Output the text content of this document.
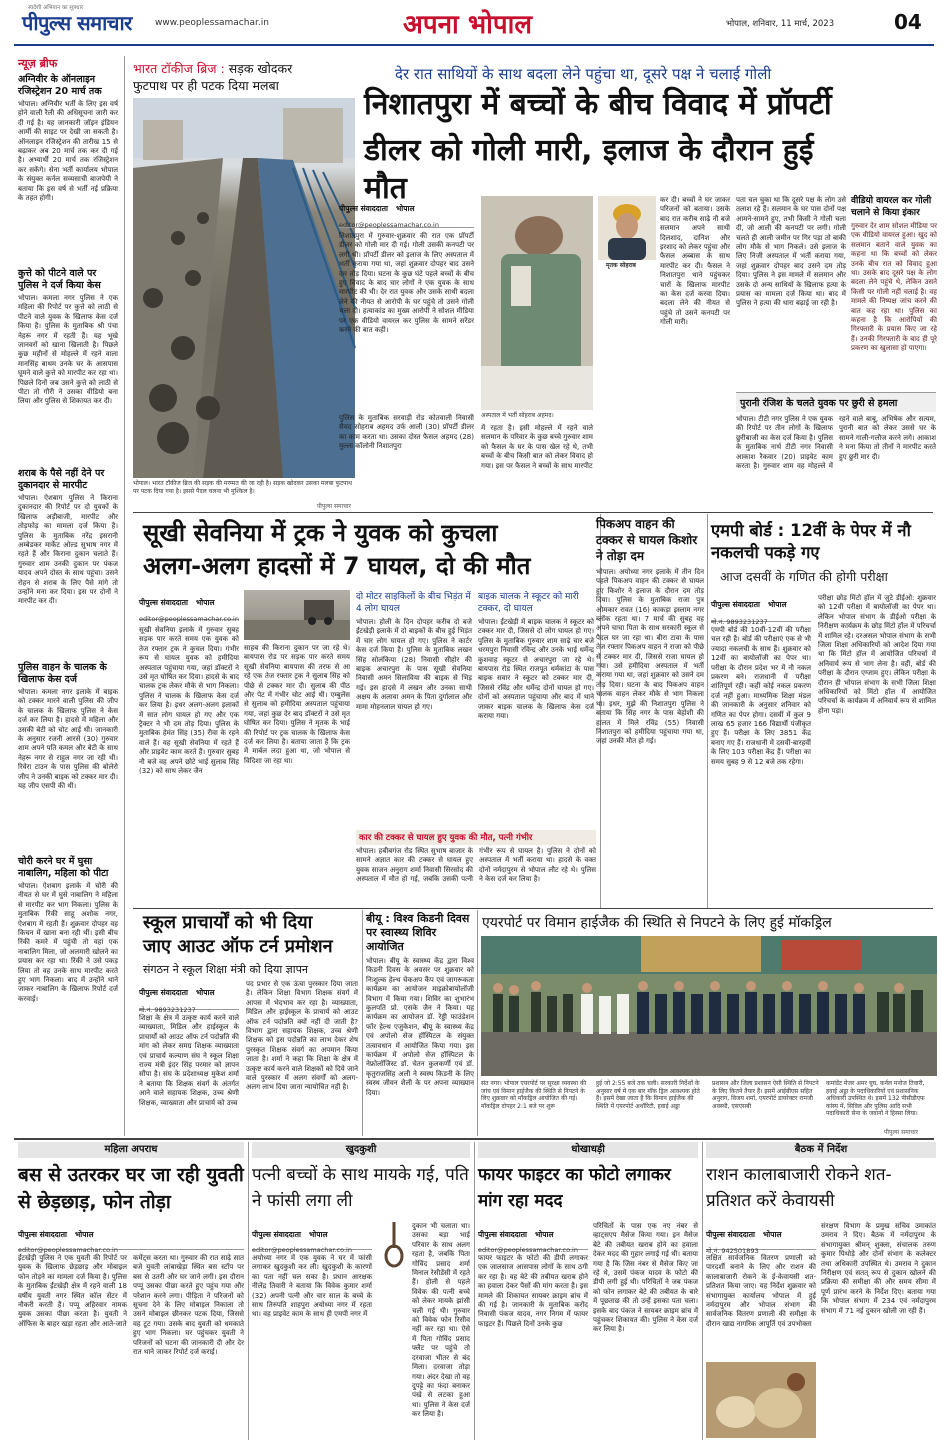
स्वदेशी अभियान का सूत्रधार
पीपुल्स समाचार	www.peoplessamachar.in	अपना भोपाल	भोपाल, शनिवार, 11 मार्च, 2023	04
न्यूज़ ब्रीफ
अग्निवीर के ऑनलाइन रजिस्ट्रेशन 20 मार्च तक
भोपाल। अग्निवीर भर्ती के लिए इस वर्ष होने वाली रैली की अधिसूचना जारी कर दी गई है। यह जानकारी जॉइन इंडियन आर्मी की साइट पर देखी जा सकती है। ऑनलाइन रजिस्ट्रेशन की तारीख 15 से बढ़ाकर अब 20 मार्च तक कर दी गई है। अभ्यार्थी 20 मार्च तक रजिस्ट्रेशन कर सकेंगे। सेना भर्ती कार्यालय भोपाल के संयुक्त कर्नल सव्यसाची बाजपेयी ने बताया कि इस वर्ष से भर्ती नई प्रक्रिया के तहत होगी।
कुत्ते को पीटने वाले पर पुलिस ने दर्ज किया केस
भोपाल। कमला नगर पुलिस ने एक महिला की रिपोर्ट पर कुत्ते को लाठी से पीटने वाले युवक के खिलाफ केस दर्ज किया है। पुलिस के मुताबिक श्री पंचा नेहरू नगर में रहती हैं। यह भूखे जानवरों को खाना खिलाती है। पिछले कुछ महीनों से मोहल्ले में रहने वाला मानसिंह बाथम उनके घर के आसपास घूमने वाले कुत्ते को मारपीट कर रहा था। पिछले दिनों जब उसने कुत्ते को लाठी से पीटा तो गौरी ने उसका वीडियो बना लिया और पुलिस से शिकायत कर दी।
शराब के पैसे नहीं देने पर दुकानदार से मारपीट
भोपाल। ऐशबाग पुलिस ने किराना दुकानदार की रिपोर्ट पर दो युवकों के खिलाफ अड़ीबाजी, मारपीट और तोड़फोड़ का मामला दर्ज किया है। पुलिस के मुताबिक नरेंद्र इसरानी अम्बेडकर मार्केट ओल्ड सुभाष नगर में रहते हैं और किराना दुकान चलाते हैं। गुरुवार शाम उनकी दुकान पर पंकज यादव अपने दोस्त के साथ पहुंचा। उसने रोहन से शराब के लिए पैसे मांगे तो उन्होंने मना कर दिया। इस पर दोनों ने मारपीट कर दी।
पुलिस वाहन के चालक के खिलाफ केस दर्ज
भोपाल। कमला नगर इलाके में बाइक को टक्कर मारने वाली पुलिस की जीप के चालक के खिलाफ पुलिस ने केस दर्ज कर लिया है। हादसे में महिला और उसकी बेटी को चोट आई थी। जानकारी के अनुसार रजनी आरसे (30) गुरुवार शाम अपने पति कमल और बेटी के साथ नेहरू नगर से राहुल नगर जा रही थी। रिवेरा टाउन के पास पुलिस की बोलेरो जीप ने उनकी बाइक को टक्कर मार दी। यह जीप एसपी की थी।
चोरी करने घर में घुसा नाबालिग, महिला को पीटा
भोपाल। ऐशबाग इलाके में चोरी की नीयत से घर में घुसे नाबालिग ने महिला से मारपीट कर भाग निकला। पुलिस के मुताबिक रिंकी साहू अशोक नगर, ऐशबाग में रहती हैं। शुक्रवार दोपहर वह किचन में खाना बना रही थीं। इसी बीच रिंकी कमरे में पहुंची तो वहां एक नाबालिग मिला, जो अलमारी खोलने का प्रयास कर रहा था। रिंकी ने उसे पकड़ लिया तो वह उनके साथ मारपीट करते हुए भाग निकला। बाद में उन्होंने थाने जाकर नाबालिग के खिलाफ रिपोर्ट दर्ज करवाई।
भारत टॉकीज ब्रिज : सड़क खोदकर
फुटपाथ पर ही पटक दिया मलबा
भोपाल। भारत टॉकीज ब्रिज की सड़क की मरम्मत की जा रही है। सड़क खोदकर उसका मलबा फुटपाथ पर पटक दिया गया है। इससे पैदल चलना भी मुश्किल है।
पीपुल्स समाचार
देर रात साथियों के साथ बदला लेने पहुंचा था, दूसरे पक्ष ने चलाई गोली
निशातपुरा में बच्चों के बीच विवाद में प्रॉपर्टी
डीलर को गोली मारी, इलाज के दौरान हुई मौत
पीपुल्स संवाददाता भोपाल
editor@peoplessamachar.co.in
निशातपुरा में गुरुवार-शुक्रवार की रात एक प्रॉपर्टी डीलर को गोली मार दी गई। गोली उसकी कनपटी पर लगी थी। प्रॉपर्टी डीलर को इलाज के लिए अस्पताल में भर्ती कराया गया था, जहां शुक्रवार दोपहर बाद उसने दम तोड़ दिया। घटना के कुछ घंटे पहले बच्चों के बीच हुए विवाद के बाद चार लोगों ने एक युवक के साथ मारपीट की थी। देर रात युवक और उसके साथी बदला लेने की नीयत से आरोपी के घर पहुंचे तो उसने गोली चला दी। हत्याकांड का मुख्य आरोपी ने सोशल मीडिया पर एक वीडियो वायरल कर पुलिस के सामने सरेंडर करने की बात कही।
पुलिस के मुताबिक सरवाड़ी रोड कोतवाली निवासी सैयद सोहराब अहमद उर्फ आली (30) प्रॉपर्टी डीलर का काम करता था। उसका दोस्त फैसल अहमद (28) मुल्ला कॉलोनी निशातपुरा
अस्पताल में भर्ती सोहराब अहमद।
में रहता है। इसी मोहल्ले में रहने वाले सलमान के परिवार के कुछ बच्चे गुरुवार शाम को फैसल के घर के पास खेल रहे थे, तभी बच्चों के बीच किसी बात को लेकर विवाद हो गया। इस पर फैसल ने बच्चों के साथ मारपीट
मृतक सोहराब
कर दी। बच्चों ने घर जाकर परिजनों को बताया। उसके बाद रात करीब साढ़े नौ बजे सलमान अपने साथी दिलशाद, दानिश और इरशाद को लेकर पहुंचा और फैसल अब्बास के साथ मारपीट कर दी। फैसल ने निशातपुरा थाने पहुंचकर चारों के खिलाफ मारपीट का केस दर्ज करवा दिया। बदला लेने की नीयत से पहुंचे तो उसने कनपटी पर गोली मारी।
पता चल चुका था कि दूसरे पक्ष के लोग उसे तलाश रहे हैं। सलमान के घर पास दोनों पक्ष आमने-सामने हुए, तभी किसी ने गोली चला दी, जो आली की कनपटी पर लगी। गोली चलते ही आली जमीन पर गिर पड़ा तो बाकी लोग मौके से भाग निकले। उसे इलाज के लिए निजी अस्पताल में भर्ती कराया गया, जहां शुक्रवार दोपहर बाद उसने दम तोड़ दिया। पुलिस ने इस मामले में सलमान और उसके दो अन्य साथियों के खिलाफ हत्या के प्रयास का मामला दर्ज किया था। बाद में पुलिस ने हत्या की धारा बढ़ाई जा रही है।
वीडियो वायरल कर गोली चलाने से किया इंकार
गुरुवार देर शाम सोशल मीडिया पर एक वीडियो वायरल हुआ। खुद को सलमान बताने वाले युवक का कहना था कि बच्चों को लेकर उनके बीच रात को विवाद हुआ था। उसके बाद दूसरे पक्ष के लोग बदला लेने पहुंचे थे, लेकिन उसने किसी पर गोली नहीं चलाई है। वह मामले की निष्पक्ष जांच करने की बात कह रहा था। पुलिस का कहना है कि आरोपियों की गिरफ्तारी के प्रयास किए जा रहे हैं। उनकी गिरफ्तारी के बाद ही पूरे प्रकरण का खुलासा हो पाएगा।
पुरानी रंजिश के चलते युवक पर छुरी से हमला
भोपाल। टीटी नगर पुलिस ने एक युवक की रिपोर्ट पर तीन लोगों के खिलाफ छुरीबाजी का केस दर्ज किया है। पुलिस के मुताबिक नार्थ टीटी नगर निवासी आकाश रैकवार (20) प्राइवेट काम करता है। गुरुवार शाम वह मोहल्ले में रहने वाले बाबू, अभिषेक और सत्यम, पुरानी बात को लेकर उससे घर के सामने गाली-गलौज करने लगे। आकाश ने मना किया तो तीनों ने मारपीट करते हुए छुरी मार दी।
सूखी सेवनिया में ट्रक ने युवक को कुचला
अलग-अलग हादसों में 7 घायल, दो की मौत
पीपुल्स संवाददाता भोपाल
editor@peoplessamachar.co.in
सूखी सेवनिया इलाके में गुरुवार सुबह सड़क पार करते समय एक युवक को तेज रफ्तार ट्रक ने कुचल दिया। गंभीर रूप से घायल युवक को हमीदिया अस्पताल पहुंचाया गया, जहां डॉक्टरों ने उसे मृत घोषित कर दिया। हादसे के बाद चालक ट्रक लेकर मौके से भाग निकला। पुलिस ने चालक के खिलाफ केस दर्ज कर लिया है। इधर अलग-अलग इलाकों में सात लोग घायल हो गए और एक ट्रैक्टर ने भी दम तोड़ दिया। पुलिस के मुताबिक हेमंत सिंह (35) रीवा के रहने वाले हैं। वह सूखी सेवनिया में रहते हैं और प्राइवेट काम करते हैं। गुरुवार सुबह नौ बजे वह अपने छोटे भाई सुलाब सिंह (32) को साथ लेकर जैन
साहब की किराना दुकान पर जा रहे थे। बायपास रोड पर सड़क पार करते समय सूखी सेवनिया बायपास की तरफ से आ रहे एक तेज रफ्तार ट्रक ने सुलाब सिंह को पीछे से टक्कर मार दी। सुलाब की पीठ और पेट में गंभीर चोट आई थी। एम्बुलेंस से सुलाब को हमीदिया अस्पताल पहुंचाया गया, जहां कुछ देर बाद डॉक्टरों ने उसे मृत घोषित कर दिया। पुलिस ने मृतक के भाई की रिपोर्ट पर ट्रक चालक के खिलाफ केस दर्ज कर लिया है। बताया जाता है कि ट्रक में मार्बल लदा हुआ था, जो भोपाल से विदिशा जा रहा था।
दो मोटर साइकिलों के बीच भिड़ंत में 4 लोग घायल
भोपाल। होली के दिन दोपहर करीब दो बजे ईंटखेड़ी इलाके में दो बाइकों के बीच हुई भिड़ंत में चार लोग घायल हो गए। पुलिस ने कार्टर केस दर्ज किया है। पुलिस के मुताबिक लखन सिंह सोलंकिया (28) निवासी सीहोर की बाइक अचारपुरा के पास सूखी सेवनिया निवासी अमन सिलाविया की बाइक से भिड़ गई। इस हादसे में लखन और उनका साथी अक्षय के अलावा अमन के पिता दुर्गालाल और मामा मोहनलाल घायल हो गए।
बाइक चालक ने स्कूटर को मारी टक्कर, दो घायल
भोपाल। ईंटखेड़ी में बाइक चालक ने स्कूटर को टक्कर मार दी, जिससे दो लोग घायल हो गए। पुलिस के मुताबिक गुरुवार शाम साढ़े चार बजे धरमपुरा निवासी रविन्द्र और उनके भाई धर्मेन्द्र कुशवाह स्कूटर से अचारपुरा जा रहे थे। बायपास रोड स्थित राजपूत धर्मकांटा के पास बाइक सवार ने स्कूटर को टक्कर मार दी, जिससे रविंद्र और धर्मेन्द्र दोनों घायल हो गए। दोनों को अस्पताल पहुंचाया और बाद में थाने जाकर बाइक चालक के खिलाफ केस दर्ज कराया गया।
कार की टक्कर से घायल हुए युवक की मौत, पत्नी गंभीर
भोपाल। हबीबगंज रोड स्थित सुभाष बाजार के सामने अज्ञात कार की टक्कर से घायल हुए युवक साजन अनुराग शर्मा निवासी सिरसोद की अस्पताल में मौत हो गई, जबकि उसकी पत्नी गंभीर रूप से घायल है। पुलिस ने दोनों को अस्पताल में भर्ती कराया था। हादसे के वक्त दोनों नर्मदापुरम से भोपाल लौट रहे थे। पुलिस ने केस दर्ज कर लिया है।
पिकअप वाहन की टक्कर से घायल किशोर ने तोड़ा दम
भोपाल। अयोध्या नगर इलाके में तीन दिन पहले पिकअप वाहन की टक्कर से घायल हुए किशोर ने इलाज के दौरान दम तोड़ दिया। पुलिस के मुताबिक राजा पुत्र ओमकार रावत (16) काकड़ा इस्लाम नगर ब्लॉक रहता था। 7 मार्च की सुबह वह अपने चाचा पिता के साथ सरकारी स्कूल से पैदल घर जा रहा था। बीरा टावा के पास तेज रफ्तार पिकअप वाहन ने राजा को पीछे से टक्कर मार दी, जिससे राजा घायल हो गया। उसे हमीदिया अस्पताल में भर्ती कराया गया था, जहां शुक्रवार को उसने दम तोड़ दिया। घटना के बाद पिकअप वाहन चालक वाहन लेकर मौके से भाग निकला था। इधर, मुझे की निशातपुरा पुलिस ने बताया कि सिंह नगर के पास बेहोशी की हालत में मिले रविंद्र (55) निवासी निशातपुरा को हमीदिया पहुंचाया गया था, जहां उनकी मौत हो गई।
एमपी बोर्ड : 12वीं के पेपर में नौ नकलची पकड़े गए
आज दसवीं के गणित की होगी परीक्षा
पीपुल्स संवाददाता भोपाल
मो.नं. 9893231237
एमपी बोर्ड की 10वीं-12वीं की परीक्षा चल रही है। बोर्ड की परीक्षाएं एक से भी ज्यादा नकलची के साथ हैं। शुक्रवार को 12वीं का बायोलॉजी का पेपर था। परीक्षा के दौरान प्रदेश भर में नौ नकल प्रकरण बने। राजधानी में परीक्षा शांतिपूर्ण रही। कहीं कोई नकल प्रकरण दर्ज नहीं हुआ। माध्यमिक शिक्षा मंडल की जानकारी के अनुसार शनिवार को गणित का पेपर होगा। दसवीं में कुल 9 लाख 65 हजार 166 विद्यार्थी पंजीकृत हुए हैं। परीक्षा के लिए 3851 केंद्र बनाए गए हैं। राजधानी में दसवीं-बारहवीं के लिए 103 परीक्षा केंद्र हैं। परीक्षा का समय सुबह 9 से 12 बजे तक रहेगा।
परीक्षा छोड़ मिंटो हॉल में जुटे डीईओ: शुक्रवार को 12वीं परीक्षा में बायोलॉजी का पेपर था। लेकिन भोपाल संभाग के डीईओ परीक्षा के निरीक्षण कार्यक्रम के छोड़ मिंटो हॉल में परिचर्चा में शामिल रहे। दरअसल भोपाल संभाग के सभी जिला शिक्षा अधिकारियों को आदेश दिया गया था कि मिंटो हॉल में आयोजित परिचर्चा में अनिवार्य रूप से भाग लेना है। वहीं, बोर्ड की परीक्षा के दौरान एग्जाम हुए। लेकिन परीक्षा के दौरान ही भोपाल संभाग के सभी जिला शिक्षा अधिकारियों को मिंटो हॉल में आयोजित परिचर्चा के कार्यक्रम में अनिवार्य रूप से शामिल होना पड़ा।
स्कूल प्राचार्यों को भी दिया
जाए आउट ऑफ टर्न प्रमोशन
संगठन ने स्कूल शिक्षा मंत्री को दिया ज्ञापन
पीपुल्स संवाददाता भोपाल
मो.नं. 9893231237
शिक्षा के क्षेत्र में उत्कृष्ट कार्य करने वाले व्याख्याता, मिडिल और हाईस्कूल के प्राचार्यों को आउट ऑफ टर्न पदोन्नति की मांग को लेकर समग्र शिक्षक व्याख्याता एवं प्राचार्य कल्याण संघ ने स्कूल शिक्षा राज्य मंत्री इंदर सिंह परमार को ज्ञापन सौंपा है। संघ के प्रदेशाध्यक्ष मुकेश शर्मा ने बताया कि शिक्षक संवर्ग के अंतर्गत आने वाले सहायक शिक्षक, उच्च श्रेणी शिक्षक, व्याख्याता और प्राचार्य को उच्च
पद प्रभार से एक ऊंचा पुरस्कार दिया जाता है। लेकिन शिक्षा विभाग शिक्षक संवर्ग में आपस में भेदभाव कर रहा है। व्याख्याता, मिडिल और हाईस्कूल के प्राचार्य को आउट ऑफ टर्न पदोन्नति क्यों नहीं दी जाती है? विभाग द्वारा सहायक शिक्षक, उच्च श्रेणी शिक्षक को इस पदोन्नति का लाभ देकर शेष पुरस्कृत शिक्षक संवर्ग का अपमान किया जाता है। शर्मा ने कहा कि शिक्षा के क्षेत्र में उत्कृष्ट कार्य करने वाले शिक्षकों को दिये जाने वाले पुरस्कार में अलग संवर्गों को अलग-अलग लाभ दिया जाना न्यायोचित नहीं है।
बीयू : विश्व किडनी दिवस पर स्वास्थ्य शिविर आयोजित
भोपाल। बीयू के स्वास्थ्य केंद्र द्वारा विश्व किडनी दिवस के अवसर पर शुक्रवार को निःशुल्क हेल्थ चेकअप कैंप एवं जागरूकता कार्यक्रम का आयोजन माइक्रोबायोलॉजी विभाग में किया गया। शिविर का शुभारंभ कुलपति प्रो. एसके जैन ने किया। यह कार्यक्रम का आयोजन डॉ. रेड्डी फाउंडेशन फॉर हेल्थ एजुकेशन, बीयू के स्वास्थ्य केंद्र एवं अपोलो सेज हॉस्पिटल के संयुक्त तत्वावधान में आयोजित किया गया। इस कार्यक्रम में अपोलो सेज हॉस्पिटल के नेफ्रोलॉजिस्ट डॉ. चेतन कुलकर्णी एवं डॉ. कृतुराजसिंह अली ने स्वस्थ किडनी के लिए स्वस्थ जीवन शैली के पर अपना व्याख्यान दिया।
एयरपोर्ट पर विमान हाईजैक की स्थिति से निपटने के लिए हुई मॉकड्रिल
संत नगर। भोपाल एयरपोर्ट पर सुरक्षा व्यवस्था की जांच एवं विमान हाईजैक की स्थिति से निपटने के लिए शुक्रवार को मॉकड्रिल आयोजित की गई। मॉकड्रिल दोपहर 2:1 बजे पर शुरू
हुई जो 2:55 बजे तक चली। सरकारी निर्देशों के अनुसार वर्ष में एक बार मॉक ड्रिल आवश्यक होते हैं। इसमें देखा जाता है कि विमान हाईजैक की स्थिति में एयरपोर्ट अथॉरिटी, हवाई अड्डा
प्रशासन और जिला प्रशासन ऐसी स्थिति से निपटने के लिए कितने तैयार हैं। इसमें आईबीएस सहित अनुराग, विजय शर्मा, एयरपोर्ट डायरेक्टर रामजी अवस्थी, एसएसबी
कमांडेंट मेजर अमर चुघ, कर्नल मनोज तिवारी, हवाई अड्डा के पदाधिकारियों एवं प्रशासनिक अधिकारी उपस्थित थे। इसमें 132 पीसीडीएफ कांस्य में, सिविल और पुलिस आदि सभी पदाधिकारी सेना के जवानों ने हिस्सा लिया।
पीपुल्स समाचार
महिला अपराध
बस से उतरकर घर जा रही युवती से छेड़छाड़, फोन तोड़ा
पीपुल्स संवाददाता भोपाल
editor@peoplessamachar.co.in
ईंटखेड़ी पुलिस ने एक युवती की रिपोर्ट पर युवक के खिलाफ छेड़छाड़ और मोबाइल फोन तोड़ने का मामला दर्ज किया है। पुलिस के मुताबिक ईंटखेड़ी क्षेत्र में रहने वाली 18 वर्षीय युवती नगर स्थित कॉल सेंटर में नौकरी करती है। पप्पू अहिरवार नामक युवक उसका पीछा करता है। युवती ने ऑफिस के बाहर खड़ा रहता और आते-जाते
कमेंट्स करता था। गुरुवार की रात साढ़े सात बजे युवती लांबाखेड़ा स्थित बस स्टॉप पर बस से उतरी और घर जाने लगी। इस दौरान पप्पू उसका पीछा करते हुए पहुंच गया और परेशान करने लगा। पीड़िता ने परिजनों को सूचना देने के लिए मोबाइल निकाला तो उसने मोबाइल छीनकर पटक दिया, जिससे वह टूट गया। उसके बाद युवती को धमकाते हुए भाग निकला। घर पहुंचकर युवती ने परिजनों को घटना की जानकारी दी और देर रात थाने जाकर रिपोर्ट दर्ज कराई।
खुदकुशी
पत्नी बच्चों के साथ मायके गई, पति ने फांसी लगा ली
पीपुल्स संवाददाता भोपाल
editor@peoplessamachar.co.in
अयोध्या नगर में एक युवक ने घर में फांसी लगाकर खुदकुशी कर ली। खुदकुशी के कारणों का पता नहीं चल सका है। प्रधान आरक्षक नीलेंद्र तिवारी ने बताया कि विवेक कुमार शर्मा (32) अपनी पत्नी और चार साल के बच्चे के साथ तिरुपति शाहपुरा अयोध्या नगर में रहता था। वह प्राइवेट काम के साथ ही एमपी नगर में
दुकान भी चलाता था। उसका बड़ा भाई परिवार के साथ अलग रहता है, जबकि पिता गोविंद प्रसाद शर्मा मिनाल रेसीडेंसी में रहते हैं। होली से पहले विवेक की पत्नी बच्चे को लेकर मायके झांसी चली गई थी। गुरुवार को विवेक फोन रिसीव नहीं कर रहा था। ऐसे में पिता गोविंद प्रसाद फ्लैट पर पहुंचे तो दरवाजा भीतर से बंद मिला। दरवाजा तोड़ा गया। अंदर देखा तो वह दुपट्टे का फंदा बनाकर पंखे से लटका हुआ था। पुलिस ने केस दर्ज कर लिया है।
धोखाधड़ी
फायर फाइटर का फोटो लगाकर मांग रहा मदद
पीपुल्स संवाददाता भोपाल
editor@peoplessamachar.co.in
फायर फाइटर के फोटो की डीपी लगाकर एक जालसाज आसपास लोगों के साथ ठगी कर रहा है। वह बेटे की तबीयत खराब होने का हवाला देकर पैसों की मांग करता है। इस मामले की शिकायत सायबर क्राइम ब्रांच में की गई है। जानकारी के मुताबिक करोंद निवासी पंकज यादव, नगर निगम में फायर फाइटर हैं। पिछले दिनों उनके कुछ
परिचितों के पास एक नए नंबर से व्हाट्सएप मैसेज किया गया। इन मैसेज बेटे की तबीयत खराब होने का हवाला देकर मदद की गुहार लगाई गई थी। बताया गया है कि जिस नंबर से मैसेज किए जा रहे थे, उसमें पंकज यादव के फोटो की डीपी लगी हुई थी। परिचितों ने जब पंकज को फोन लगाकर बेटे की तबीयत के बारे में पूछताछ की तो उन्हें इसका पता चला। इसके बाद पंकज ने सायबर क्राइम ब्रांच में पहुंचकर शिकायत की। पुलिस ने केस दर्ज कर लिया है।
बैठक में निर्देश
राशन कालाबाजारी रोकने शत-प्रतिशत करें केवायसी
पीपुल्स संवाददाता भोपाल
मो.नं. 942501893
लक्षित सार्वजनिक वितरण प्रणाली को पारदर्शी बनाने के लिए और राशन की कालाबाजारी रोकने के ई-केवायसी शत-प्रतिशत किया जाए। यह निर्देश शुक्रवार को संभागायुक्त कार्यालय भोपाल में हुई नर्मदापुरम और भोपाल संभाग की सार्वजनिक वितरण प्रणाली की समीक्षा के दौरान खाद्य नागरिक आपूर्ति एवं उपभोक्ता
संरक्षण विभाग के प्रमुख सचिव उमाकांत उमराव ने दिए। बैठक में नर्मदापुरम के संभागायुक्त श्रीमन् शुक्ला, संचालक तरुण कुमार पिथोड़े और दोनों संभाग के कलेक्टर तथा अधिकारी उपस्थित थे। उमराव ने दुकान निरीक्षण एवं सतत् रूप से दुकान खोलने की प्रक्रिया की समीक्षा की और समय सीमा में पूर्ण प्रारंभ करने के निर्देश दिए। बताया गया कि भोपाल संभाग में 234 एवं नर्मदापुरम संभाग में 71 नई दुकान खोली जा रही हैं।
